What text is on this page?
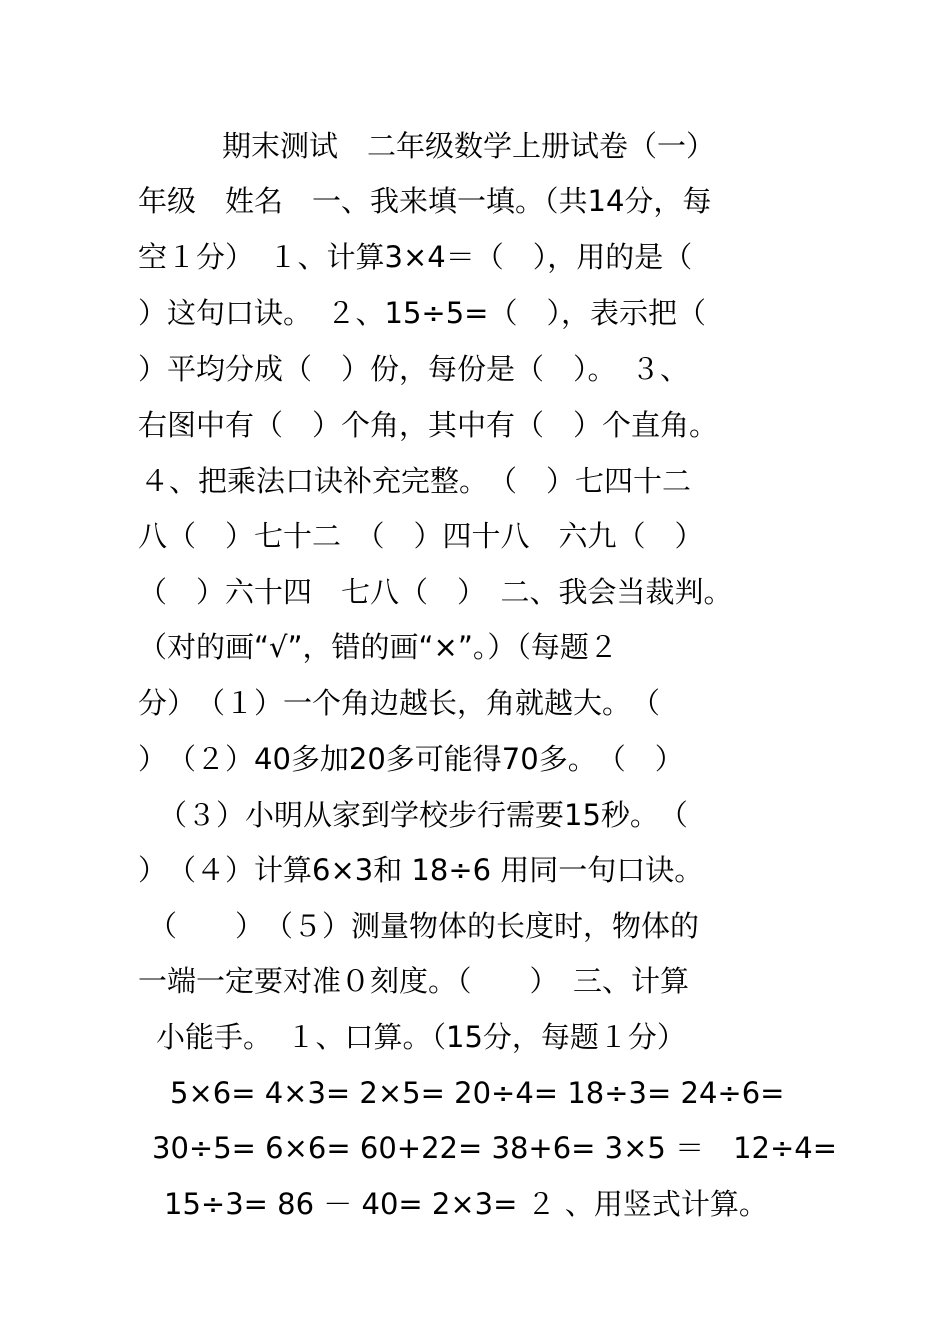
期末测试　二年级数学上册试卷（一）
年级　姓名　一、我来填一填。（共14分，每
空１分）　１、计算3×4＝（　），用的是（
）这句口诀。　２、15÷5=（　），表示把（
）平均分成（　）份，每份是（　）。　３、
右图中有（　）个角，其中有（　）个直角。
４、把乘法口诀补充完整。　（　）七四十二
八（　）七十二　（　）四十八　六九（　）
（　）六十四　七八（　）　二、我会当裁判。
（对的画“√”，错的画“×”。）（每题２
分）　（１）一个角边越长，角就越大。　（
）　（２）40多加20多可能得70多。　（　）
（３）小明从家到学校步行需要15秒。　（
）　（４）计算6×3和 18÷6 用同一句口诀。
（　　）　（５）测量物体的长度时，物体的
一端一定要对准０刻度。（　　）　三、计算
小能手。　１、口算。（15分，每题１分）
5×6= 4×3= 2×5= 20÷4= 18÷3= 24÷6=
30÷5= 6×6= 60+22= 38+6= 3×5 ＝　12÷4=
15÷3= 86 － 40= 2×3= ２ 、用竖式计算。
